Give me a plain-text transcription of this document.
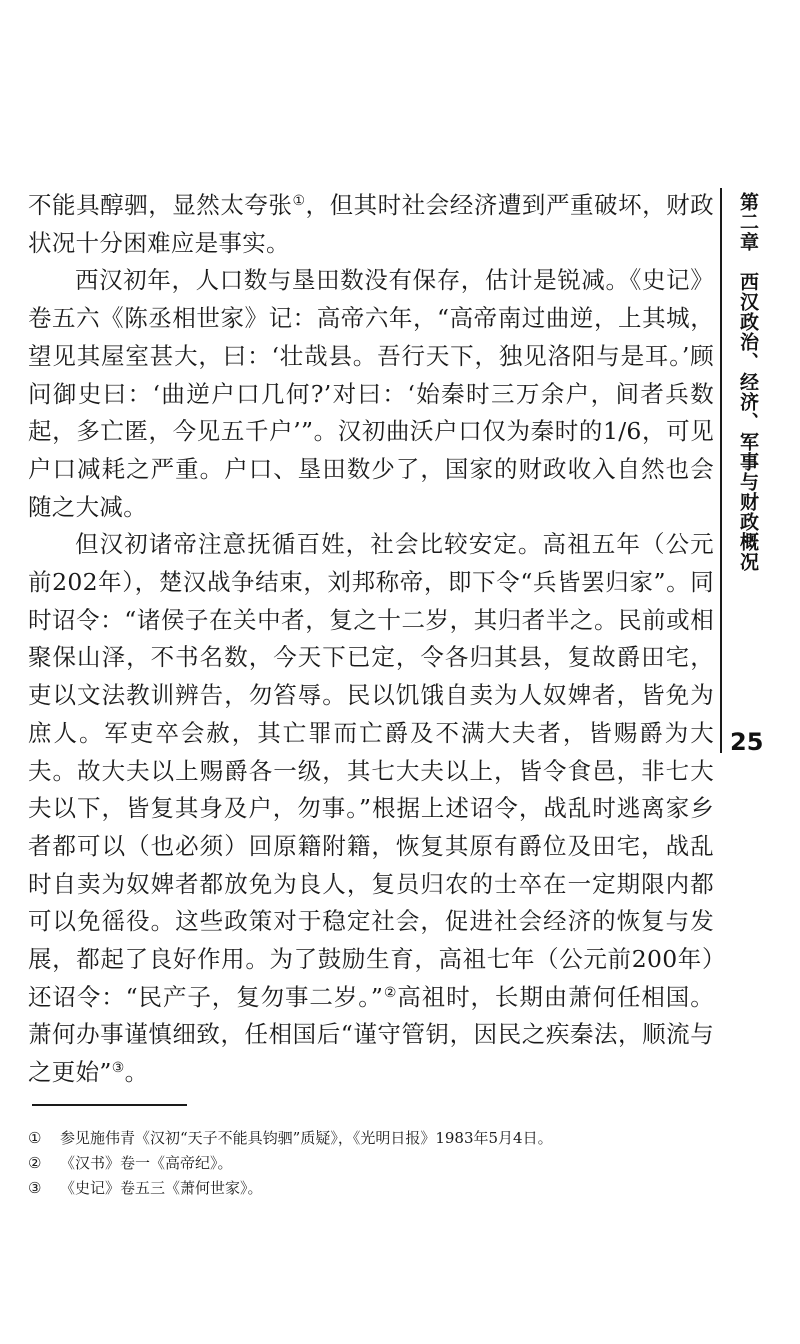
不能具醇驷，显然太夸张①，但其时社会经济遭到严重破坏，财政状况十分困难应是事实。

西汉初年，人口数与垦田数没有保存，估计是锐减。《史记》卷五六《陈丞相世家》记：高帝六年，“高帝南过曲逆，上其城，望见其屋室甚大，曰：‘壮哉县。吾行天下，独见洛阳与是耳。’顾问御史曰：‘曲逆户口几何?’对曰：‘始秦时三万余户，间者兵数起，多亡匿，今见五千户’”。汉初曲沃户口仅为秦时的1/6，可见户口减耗之严重。户口、垦田数少了，国家的财政收入自然也会随之大减。

但汉初诸帝注意抚循百姓，社会比较安定。高祖五年（公元前202年），楚汉战争结束，刘邦称帝，即下令“兵皆罢归家”。同时诏令：“诸侯子在关中者，复之十二岁，其归者半之。民前或相聚保山泽，不书名数，今天下已定，令各归其县，复故爵田宅，吏以文法教训辨告，勿笞辱。民以饥饿自卖为人奴婢者，皆免为庶人。军吏卒会赦，其亡罪而亡爵及不满大夫者，皆赐爵为大夫。故大夫以上赐爵各一级，其七大夫以上，皆令食邑，非七大夫以下，皆复其身及户，勿事。”根据上述诏令，战乱时逃离家乡者都可以（也必须）回原籍附籍，恢复其原有爵位及田宅，战乱时自卖为奴婢者都放免为良人，复员归农的士卒在一定期限内都可以免徭役。这些政策对于稳定社会，促进社会经济的恢复与发展，都起了良好作用。为了鼓励生育，高祖七年（公元前200年）还诏令：“民产子，复勿事二岁。”②高祖时，长期由萧何任相国。萧何办事谨慎细致，任相国后“谨守管钥，因民之疾秦法，顺流与之更始”③。

第二章　西汉政治、经济、军事与财政概况
25

① 参见施伟青《汉初“天子不能具钧驷”质疑》，《光明日报》1983年5月4日。

② 《汉书》卷一《高帝纪》。

③ 《史记》卷五三《萧何世家》。
